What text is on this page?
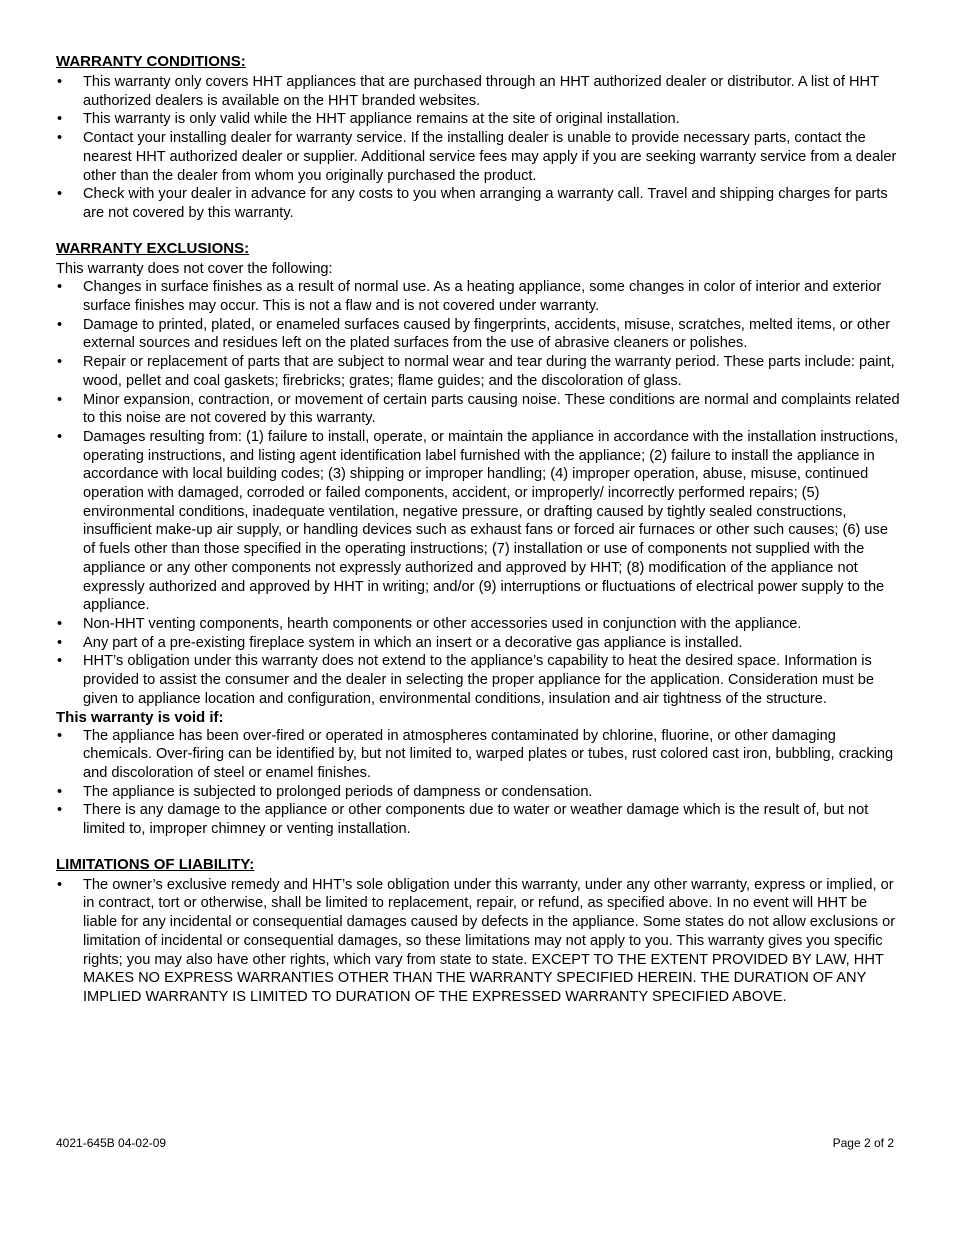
WARRANTY CONDITIONS:
• This warranty only covers HHT appliances that are purchased through an HHT authorized dealer or distributor. A list of HHT authorized dealers is available on the HHT branded websites.
• This warranty is only valid while the HHT appliance remains at the site of original installation.
• Contact your installing dealer for warranty service. If the installing dealer is unable to provide necessary parts, contact the nearest HHT authorized dealer or supplier. Additional service fees may apply if you are seeking warranty service from a dealer other than the dealer from whom you originally purchased the product.
• Check with your dealer in advance for any costs to you when arranging a warranty call. Travel and shipping charges for parts are not covered by this warranty.
WARRANTY EXCLUSIONS:

This warranty does not cover the following:

• Changes in surface finishes as a result of normal use. As a heating appliance, some changes in color of interior and exterior surface finishes may occur. This is not a flaw and is not covered under warranty.
• Damage to printed, plated, or enameled surfaces caused by fingerprints, accidents, misuse, scratches, melted items, or other external sources and residues left on the plated surfaces from the use of abrasive cleaners or polishes.
• Repair or replacement of parts that are subject to normal wear and tear during the warranty period. These parts include: paint, wood, pellet and coal gaskets; firebricks; grates; flame guides; and the discoloration of glass.
• Minor expansion, contraction, or movement of certain parts causing noise. These conditions are normal and complaints related to this noise are not covered by this warranty.
• Damages resulting from: (1) failure to install, operate, or maintain the appliance in accordance with the installation instructions, operating instructions, and listing agent identification label furnished with the appliance; (2) failure to install the appliance in accordance with local building codes; (3) shipping or improper handling; (4) improper operation, abuse, misuse, continued operation with damaged, corroded or failed components, accident, or improperly/ incorrectly performed repairs; (5) environmental conditions, inadequate ventilation, negative pressure, or drafting caused by tightly sealed constructions, insufficient make-up air supply, or handling devices such as exhaust fans or forced air furnaces or other such causes; (6) use of fuels other than those specified in the operating instructions; (7) installation or use of components not supplied with the appliance or any other components not expressly authorized and approved by HHT; (8) modification of the appliance not expressly authorized and approved by HHT in writing; and/or (9) interruptions or fluctuations of electrical power supply to the appliance.
• Non-HHT venting components, hearth components or other accessories used in conjunction with the appliance.
• Any part of a pre-existing fireplace system in which an insert or a decorative gas appliance is installed.
• HHT’s obligation under this warranty does not extend to the appliance’s capability to heat the desired space. Information is provided to assist the consumer and the dealer in selecting the proper appliance for the application. Consideration must be given to appliance location and configuration, environmental conditions, insulation and air tightness of the structure.
This warranty is void if:
• The appliance has been over-fired or operated in atmospheres contaminated by chlorine, fluorine, or other damaging chemicals. Over-firing can be identified by, but not limited to, warped plates or tubes, rust colored cast iron, bubbling, cracking and discoloration of steel or enamel finishes.
• The appliance is subjected to prolonged periods of dampness or condensation.
• There is any damage to the appliance or other components due to water or weather damage which is the result of, but not limited to, improper chimney or venting installation.
LIMITATIONS OF LIABILITY:
• The owner’s exclusive remedy and HHT’s sole obligation under this warranty, under any other warranty, express or implied, or in contract, tort or otherwise, shall be limited to replacement, repair, or refund, as specified above. In no event will HHT be liable for any incidental or consequential damages caused by defects in the appliance. Some states do not allow exclusions or limitation of incidental or consequential damages, so these limitations may not apply to you. This warranty gives you specific rights; you may also have other rights, which vary from state to state. EXCEPT TO THE EXTENT PROVIDED BY LAW, HHT MAKES NO EXPRESS WARRANTIES OTHER THAN THE WARRANTY SPECIFIED HEREIN. THE DURATION OF ANY IMPLIED WARRANTY IS LIMITED TO DURATION OF THE EXPRESSED WARRANTY SPECIFIED ABOVE.
4021-645B 04-02-09	Page 2 of 2
